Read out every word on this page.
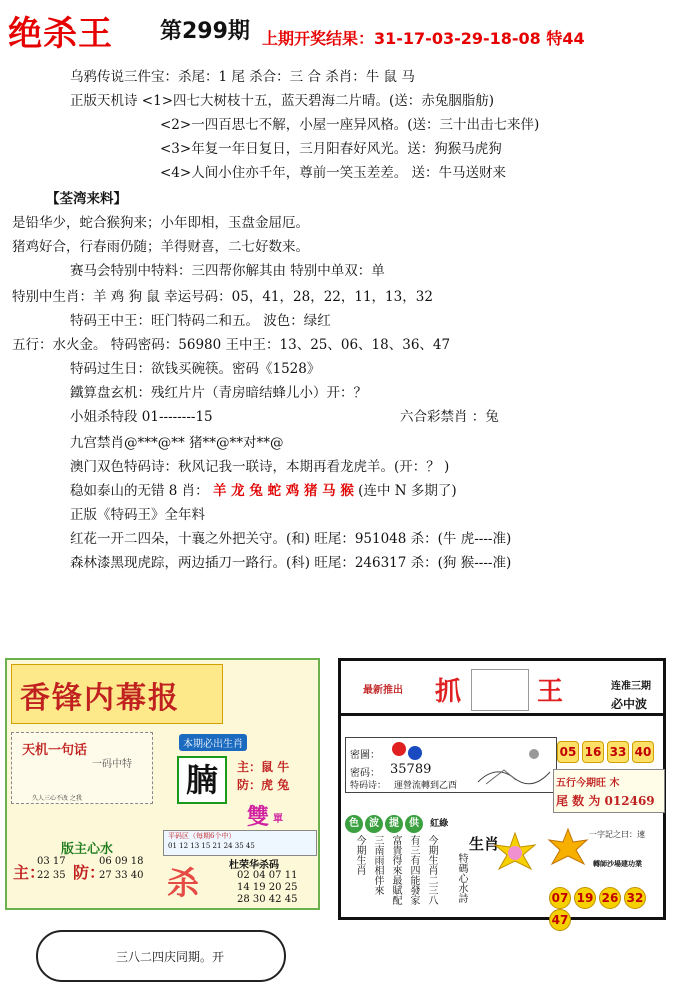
绝杀王 第299期 上期开奖结果：31-17-03-29-18-08 特44
乌鸦传说三件宝：杀尾：1 尾 杀合：三 合 杀肖：牛 鼠 马
正版天机诗 <1>四七大树枝十五，蓝天碧海二片晴。(送：赤兔胭脂舫)
<2>一四百思七不解，小屋一座异风格。(送：三十出击七来伴)
<3>年复一年日复日，三月阳春好风光。送：狗猴马虎狗
<4>人间小住亦千年，尊前一笑玉差差。 送：牛马送财来
【荃湾来料】
是铅华少，蛇合猴狗来；小年即相，玉盘金屈厄。
猪鸡好合，行春雨仍随；羊得财喜，二七好数来。
赛马会特别中特料：三四帮你解其由 特别中单双：单
特别中生肖：羊 鸡 狗 鼠 幸运号码：05，41，28，22，11，13，32
特码王中王：旺门特码二和五。 波色：绿红
五行：水火金。 特码密码：56980 王中王：13、25、06、18、36、47
特码过生日：欲钱买碗筷。密码《1528》
鐵算盘玄机：残红片片（青房暗结蜂儿小）开：？
小姐杀特段 01--------15	六合彩禁肖 ：兔
九宫禁肖@***@** 猪**@**对**@
澳门双色特码诗：秋风记我一联诗，本期再看龙虎羊。(开：？ )
稳如泰山的无错 8 肖： 羊 龙 兔 蛇 鸡 猪 马 猴 (连中 N 多期了)
正版《特码王》全年料
红花一开二四朵，十襄之外把关守。(和) 旺尾：951048 杀：(牛 虎----准)
森林漆黑现虎踪，两边插刀一路行。(科) 旺尾：246317 杀：(狗 猴----准)
香锋内幕报
天机一句话
一码中特
久人三心不改 之我
版主心水
主：
03 17
22 35 防：
06 09 18
27 33 40
本期必出生肖
腩	主：鼠 牛
防：虎 兔
雙 單
平码区（每期6个中）
01 12 13 15 21 24 35 45
杀	杜荣华杀码
02 04 07 11
14 19 20 25
28 30 42 45
最新推出 抓	王	连准三期
必中波
密圖：
密码： 35789
特码诗： 運營流轉到乙酉
05 16 33 40
五行今期旺 木
尾 数 为 012469
色 波 提 供 紅綠
今期生肖 三南雨相伴來 富貴得來最賦配 有三有四能發家 今期生肖二三八 生肖
特碼心水詩
一字記之曰：速
轉師沙場建功業
07 19 26 3247
三八二四庆同期。开
